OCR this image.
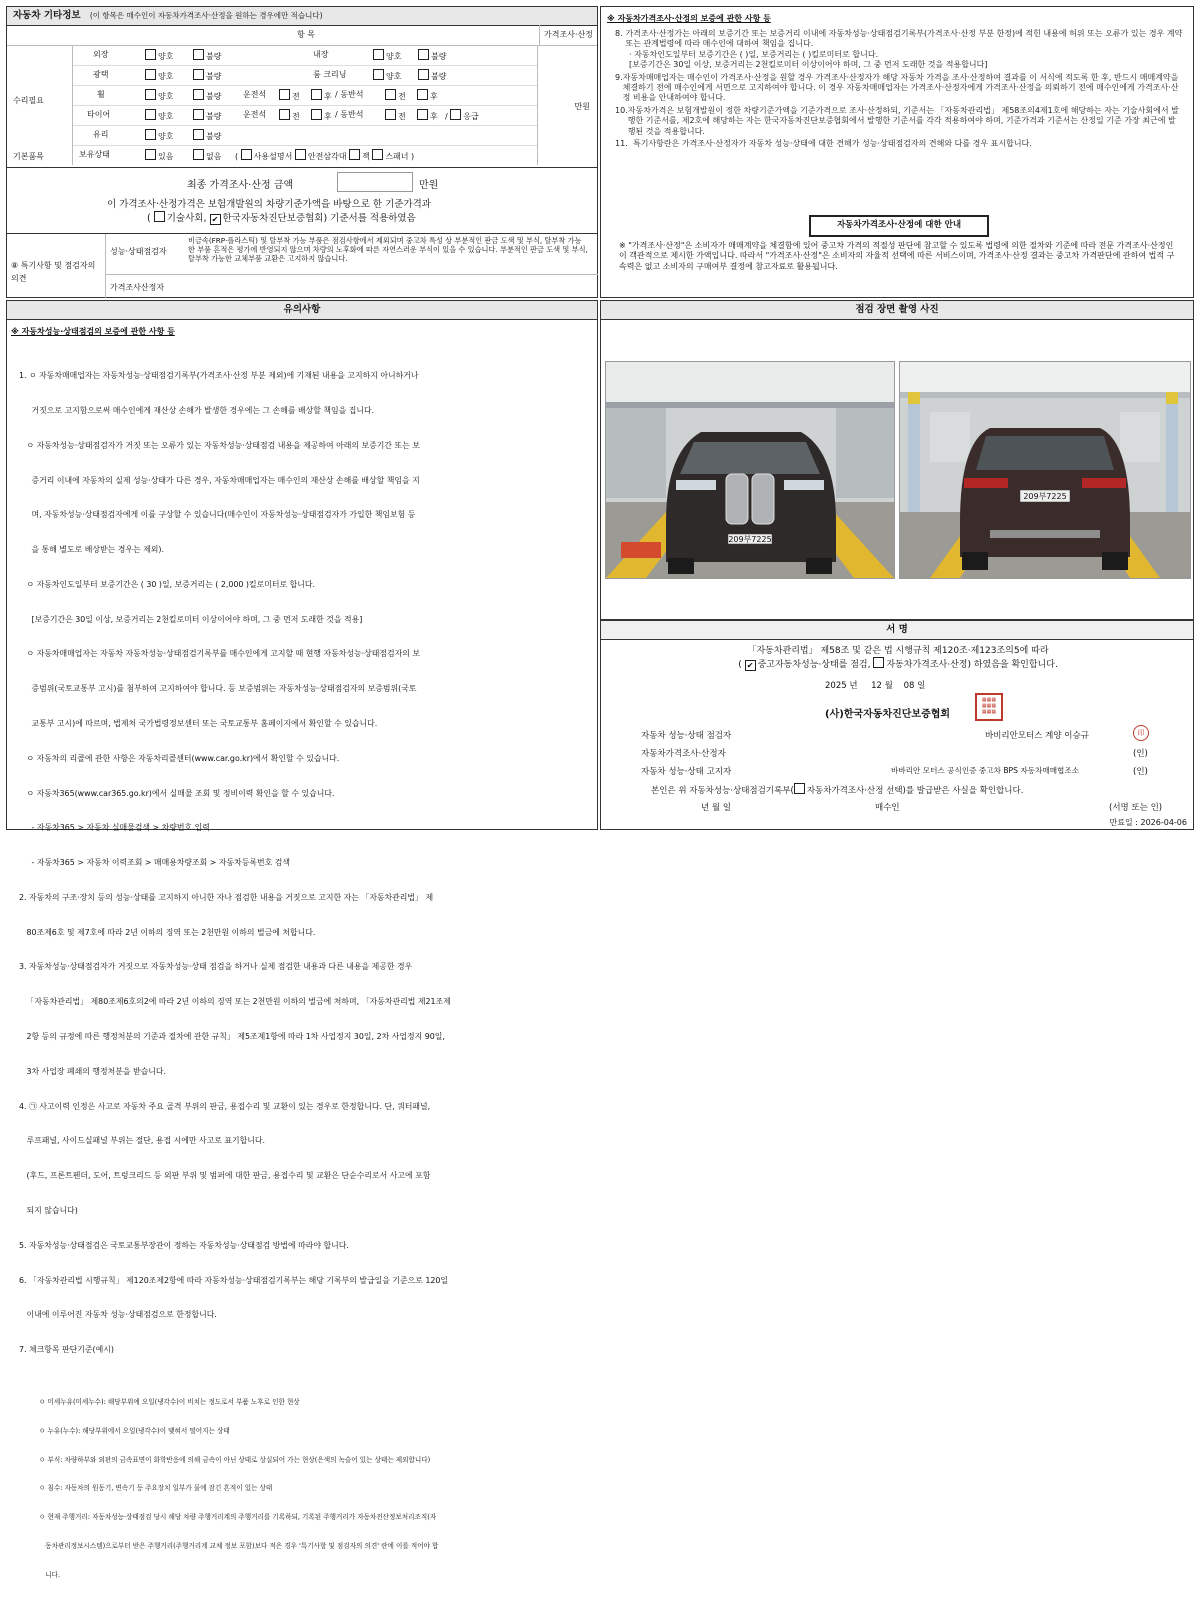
자동차 기타정보 (이 항목은 매수인이 자동차가격조사·산정을 원하는 경우에만 적습니다)
항 목	가격조사·산정
수리필요
외장	양호	불량	내장	양호	불량
광택	양호	불량	룸 크리닝	양호	불량
휠	양호	불량	운전석	전	후 / 동반석	전	후
타이어	양호	불량	운전석	전	후 / 동반석	전	후 / 응급
유리	양호	불량
보유상태	있음	없음 ( 사용설명서 안전삼각대 잭 스패너 )
기본품목
만원
최종 가격조사·산정 금액	만원
이 가격조사·산정가격은 보험개발원의 차량기준가액을 바탕으로 한 기준가격과
( 기술사회, ✔ 한국자동차진단보증협회) 기준서를 적용하였음
⑧ 특기사항 및 점검자의 의견
성능·상태점검자
비금속(FRP·플라스틱) 및 탈부착 가능 부품은 점검사항에서 제외되며 중고차 특성 상 부분적인 판금 도색 및 부식, 탈부착 가능한 부품 흔적은 평가에 반영되지 않으며 차량의 노후화에 따른 자연스러운 부식이 있을 수 있습니다. 부분적인 판금 도색 및 부식, 탈부착 가능한 교체부품 교환은 고지하지 않습니다.
가격조사산정자
※ 자동차가격조사·산정의 보증에 관한 사항 등
8. 가격조사·산정가는 아래의 보증기간 또는 보증거리 이내에 자동차성능·상태점검기록부(가격조사·산정 부분 한정)에 적힌 내용에 허위 또는 오류가 있는 경우 계약 또는 관계법령에 따라 매수인에 대하여 책임을 집니다.
· 자동차인도일부터 보증기간은 ( )일, 보증거리는 ( )킬로미터로 합니다.
[보증기간은 30일 이상, 보증거리는 2천킬로미터 이상이어야 하며, 그 중 먼저 도래한 것을 적용합니다]
9. 자동차매매업자는 매수인이 가격조사·산정을 원할 경우 가격조사·산정자가 해당 자동차 가격을 조사·산정하여 결과를 이 서식에 적도록 한 후, 반드시 매매계약을 체결하기 전에 매수인에게 서면으로 고지하여야 합니다. 이 경우 자동차매매업자는 가격조사·산정자에게 가격조사·산정을 의뢰하기 전에 매수인에게 가격조사·산정 비용을 안내하여야 합니다.
10. 자동차가격은 보험개발원이 정한 차량기준가액을 기준가격으로 조사·산정하되, 기준서는 「자동차관리법」 제58조의4제1호에 해당하는 자는 기술사회에서 발행한 기준서를, 제2호에 해당하는 자는 한국자동차진단보증협회에서 발행한 기준서를 각각 적용하여야 하며, 기준가격과 기준서는 산정일 기준 가장 최근에 발행된 것을 적용합니다.
11. 특기사항란은 가격조사·산정자가 자동차 성능·상태에 대한 견해가 성능·상태점검자의 견해와 다를 경우 표시합니다.
자동차가격조사·산정에 대한 안내
※ "가격조사·산정"은 소비자가 매매계약을 체결함에 있어 중고차 가격의 적절성 판단에 참고할 수 있도록 법령에 의한 절차와 기준에 따라 전문 가격조사·산정인이 객관적으로 제시한 가액입니다. 따라서 "가격조사·산정"은 소비자의 자율적 선택에 따른 서비스이며, 가격조사·산정 결과는 중고차 가격판단에 관하여 법적 구속력은 없고 소비자의 구매여부 결정에 참고자료로 활용됩니다.
유의사항
※ 자동차성능·상태점검의 보증에 관한 사항 등

1. ㅇ 자동차매매업자는 자동차성능·상태점검기록부(가격조사·산정 부분 제외)에 기재된 내용을 고지하지 아니하거나

거짓으로 고지함으로써 매수인에게 재산상 손해가 발생한 경우에는 그 손해를 배상할 책임을 집니다.

ㅇ 자동차성능·상태점검자가 거짓 또는 오류가 있는 자동차성능·상태점검 내용을 제공하여 아래의 보증기간 또는 보

증거리 이내에 자동차의 실제 성능·상태가 다른 경우, 자동차매매업자는 매수인의 재산상 손해를 배상할 책임을 지

며, 자동차성능·상태점검자에게 이를 구상할 수 있습니다(매수인이 자동차성능·상태점검자가 가입한 책임보험 등

을 통해 별도로 배상받는 경우는 제외).

ㅇ 자동차인도일부터 보증기간은 ( 30 )일, 보증거리는 ( 2,000 )킬로미터로 합니다.

[보증기간은 30일 이상, 보증거리는 2천킬로미터 이상이어야 하며, 그 중 먼저 도래한 것을 적용]

ㅇ 자동차매매업자는 자동차 자동차성능·상태점검기록부를 매수인에게 고지할 때 현행 자동차성능·상태점검자의 보

증범위(국토교통부 고시)를 첨부하여 고지하여야 합니다. 등 보증범위는 자동차성능·상태점검자의 보증범위(국토

교통부 고시)에 따르며, 법제처 국가법령정보센터 또는 국토교통부 홈페이지에서 확인할 수 있습니다.

ㅇ 자동차의 리콜에 관한 사항은 자동차리콜센터(www.car.go.kr)에서 확인할 수 있습니다.

ㅇ 자동차365(www.car365.go.kr)에서 실매물 조회 및 정비이력 확인을 할 수 있습니다.

- 자동차365 > 자동차 실매물검색 > 차량번호 입력

- 자동차365 > 자동차 이력조회 > 매매용차량조회 > 자동차등록번호 검색

2. 자동차의 구조·장치 등의 성능·상태를 고지하지 아니한 자나 점검한 내용을 거짓으로 고지한 자는 「자동차관리법」 제

80조제6호 및 제7호에 따라 2년 이하의 징역 또는 2천만원 이하의 벌금에 처합니다.

3. 자동차성능·상태점검자가 거짓으로 자동차성능·상태 점검을 하거나 실제 점검한 내용과 다른 내용을 제공한 경우

「자동차관리법」 제80조제6호의2에 따라 2년 이하의 징역 또는 2천만원 이하의 벌금에 처하며, 「자동차관리법 제21조제

2항 등의 규정에 따른 행정처분의 기준과 절차에 관한 규칙」 제5조제1항에 따라 1차 사업정지 30일, 2차 사업정지 90일,

3차 사업장 폐쇄의 행정처분을 받습니다.

4. ㉠ 사고이력 인정은 사고로 자동차 주요 골격 부위의 판금, 용접수리 및 교환이 있는 경우로 한정합니다. 단, 쿼터패널,

루프패널, 사이드실패널 부위는 절단, 용접 시에만 사고로 표기합니다.

(후드, 프론트펜더, 도어, 트렁크리드 등 외판 부위 및 범퍼에 대한 판금, 용접수리 및 교환은 단순수리로서 사고에 포함

되지 않습니다)

5. 자동차성능·상태점검은 국토교통부장관이 정하는 자동차성능·상태점검 방법에 따라야 합니다.

6. 「자동차관리법 시행규칙」 제120조제2항에 따라 자동차성능·상태점검기록부는 해당 기록부의 발급일을 기준으로 120일

이내에 이루어진 자동차 성능·상태점검으로 한정합니다.

7. 체크항목 판단기준(예시)

ㅇ 미세누유(미세누수): 해당부위에 오일(냉각수)이 비치는 정도로서 부품 노후로 인한 현상

ㅇ 누유(누수): 해당부위에서 오일(냉각수)이 맺혀서 떨어지는 상태

ㅇ 부식: 차량하부와 외판의 금속표면이 화학반응에 의해 금속이 아닌 상태로 상실되어 가는 현상(은색의 녹슬어 있는 상태는 제외합니다)

ㅇ 침수: 자동차의 원동기, 변속기 등 주요장치 일부가 물에 잠긴 흔적이 있는 상태

ㅇ 현재 주행거리: 자동차성능·상태점검 당시 해당 차량 주행거리계의 주행거리를 기록하되, 기록된 주행거리가 자동차전산정보처리조직(자

동차관리정보시스템)으로부터 받은 주행거리(주행거리계 교체 정보 포함)보다 적은 경우 '특기사항 및 점검자의 의견' 란에 이를 적어야 합

니다.

점검 장면 촬영 사진
209부7225
209부7225
서 명
「자동차관리법」 제58조 및 같은 법 시행규칙 제120조·제123조의5에 따라
( ✔중고자동차성능·상태를 점검, 자동차가격조사·산정) 하였음을 확인합니다.
2025 년 12 월 08 일
(사)한국자동차진단보증협회
▦▦▦
▦▦▦
▦▦▦
자동차 성능·상태 점검자	바비리안모터스 계양 이승규	印
자동차가격조사·산정자	(인)
자동차 성능·상태 고지자	바바리안 모터스 공식인증 중고차 BPS 자동차매매협조소	(인)
본인은 위 자동차성능·상태점검기록부( 자동차가격조사·산정 선택)를 발급받은 사실을 확인합니다.
년 월 일	매수인	(서명 또는 인)
만료일 : 2026-04-06
